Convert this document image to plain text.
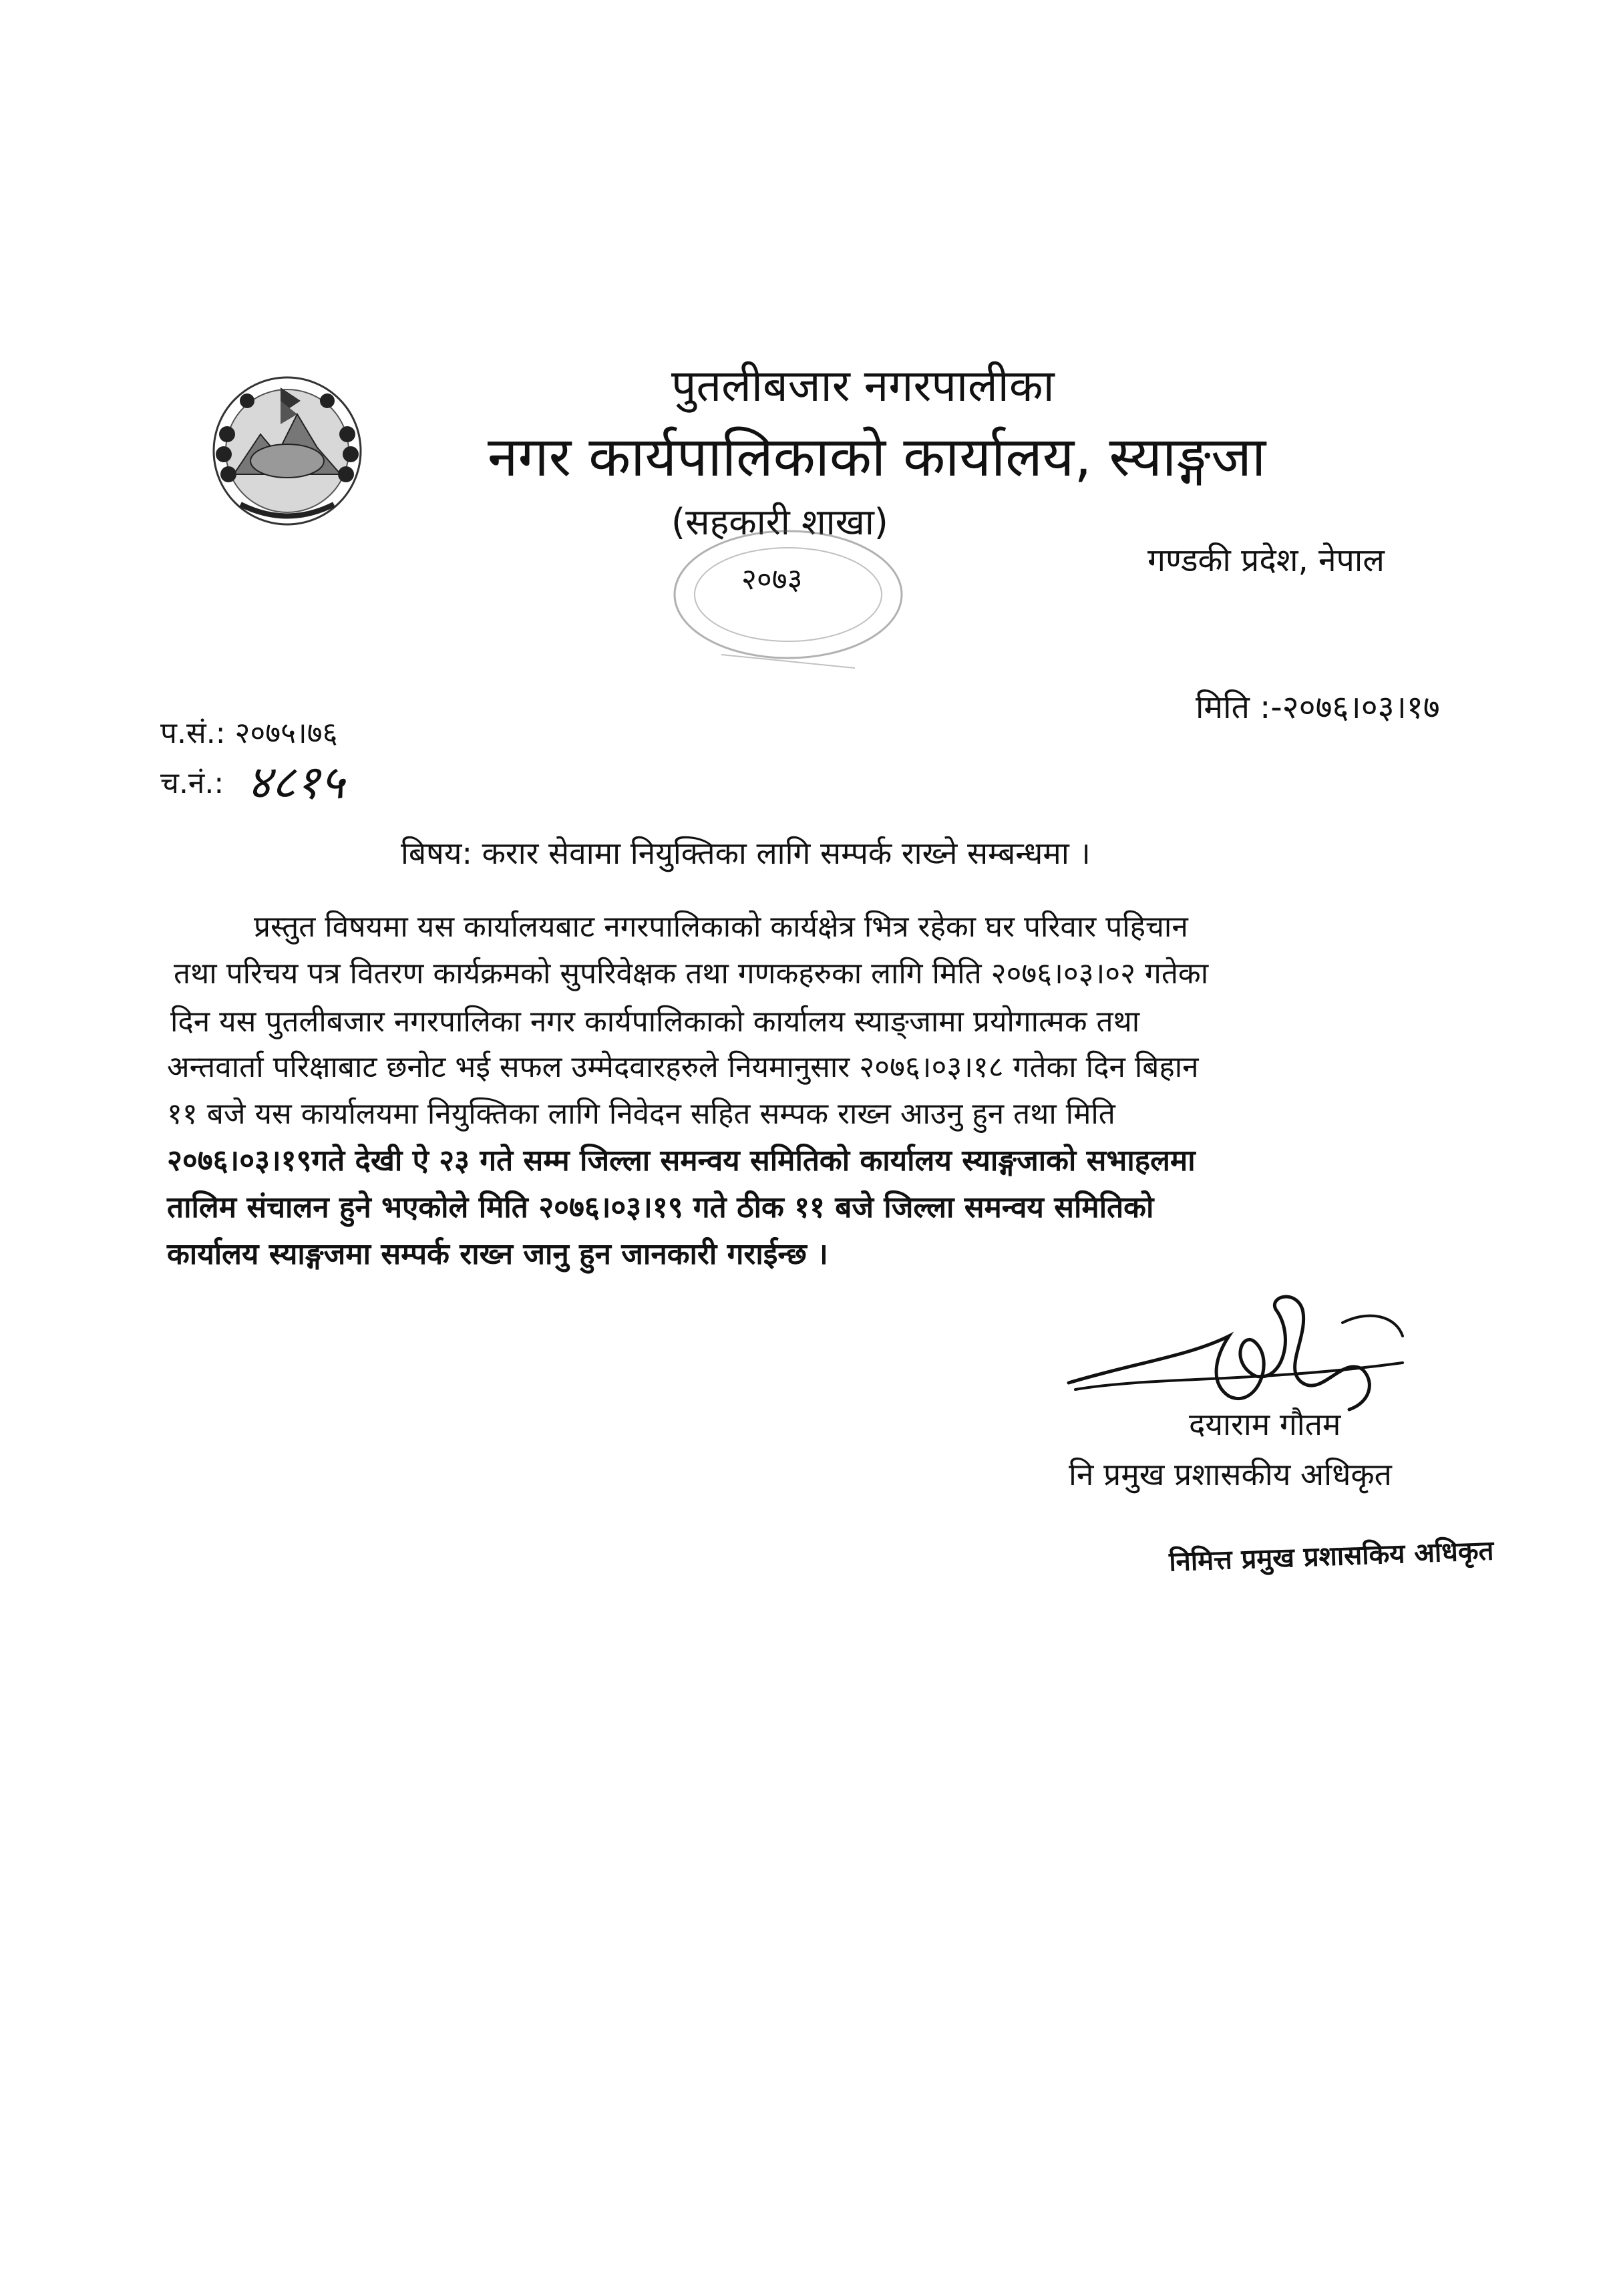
पुतलीबजार नगरपालीका
नगर कार्यपालिकाको कार्यालय, स्याङ्गजा
(सहकारी शाखा)
गण्डकी प्रदेश, नेपाल
२०७३
मिति :-२०७६।०३।१७
प.सं.: २०७५।७६
च.नं.: ४८१५
बिषय: करार सेवामा नियुक्तिका लागि सम्पर्क राख्ने सम्बन्धमा ।
प्रस्तुत विषयमा यस कार्यालयबाट नगरपालिकाको कार्यक्षेत्र भित्र रहेका घर परिवार पहिचान
तथा परिचय पत्र वितरण कार्यक्रमको सुपरिवेक्षक तथा गणकहरुका लागि मिति २०७६।०३।०२ गतेका
दिन यस पुतलीबजार नगरपालिका नगर कार्यपालिकाको कार्यालय स्याङ्जामा प्रयोगात्मक तथा
अन्तवार्ता परिक्षाबाट छनोट भई सफल उम्मेदवारहरुले नियमानुसार २०७६।०३।१८ गतेका दिन बिहान
११ बजे यस कार्यालयमा नियुक्तिका लागि निवेदन सहित सम्पक राख्न आउनु हुन तथा मिति
२०७६।०३।१९गते देखी ऐ २३ गते सम्म जिल्ला समन्वय समितिको कार्यालय स्याङ्गजाको सभाहलमा
तालिम संचालन हुने भएकोले मिति २०७६।०३।१९ गते ठीक ११ बजे जिल्ला समन्वय समितिको
कार्यालय स्याङ्गजमा सम्पर्क राख्न जानु हुन जानकारी गराईन्छ ।
दयाराम गौतम
नि प्रमुख प्रशासकीय अधिकृत
निमित्त प्रमुख प्रशासकिय अधिकृत
